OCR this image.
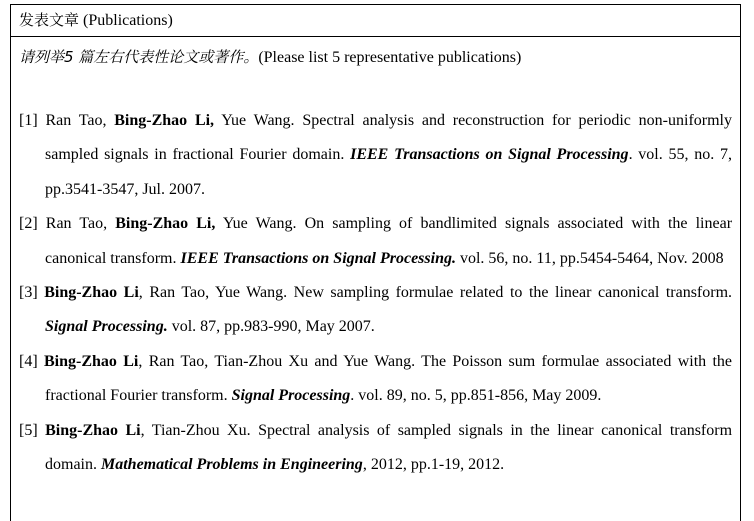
发表文章 (Publications)
请列举5 篇左右代表性论文或著作。(Please list 5 representative publications)

[1] Ran Tao, Bing-Zhao Li, Yue Wang. Spectral analysis and reconstruction for periodic non-uniformly sampled signals in fractional Fourier domain. IEEE Transactions on Signal Processing. vol. 55, no. 7, pp.3541-3547, Jul. 2007.

[2] Ran Tao, Bing-Zhao Li, Yue Wang. On sampling of bandlimited signals associated with the linear canonical transform. IEEE Transactions on Signal Processing. vol. 56, no. 11, pp.5454-5464, Nov. 2008

[3] Bing-Zhao Li, Ran Tao, Yue Wang. New sampling formulae related to the linear canonical transform. Signal Processing. vol. 87, pp.983-990, May 2007.

[4] Bing-Zhao Li, Ran Tao, Tian-Zhou Xu and Yue Wang. The Poisson sum formulae associated with the fractional Fourier transform. Signal Processing. vol. 89, no. 5, pp.851-856, May 2009.

[5] Bing-Zhao Li, Tian-Zhou Xu. Spectral analysis of sampled signals in the linear canonical transform domain. Mathematical Problems in Engineering, 2012, pp.1-19, 2012.
